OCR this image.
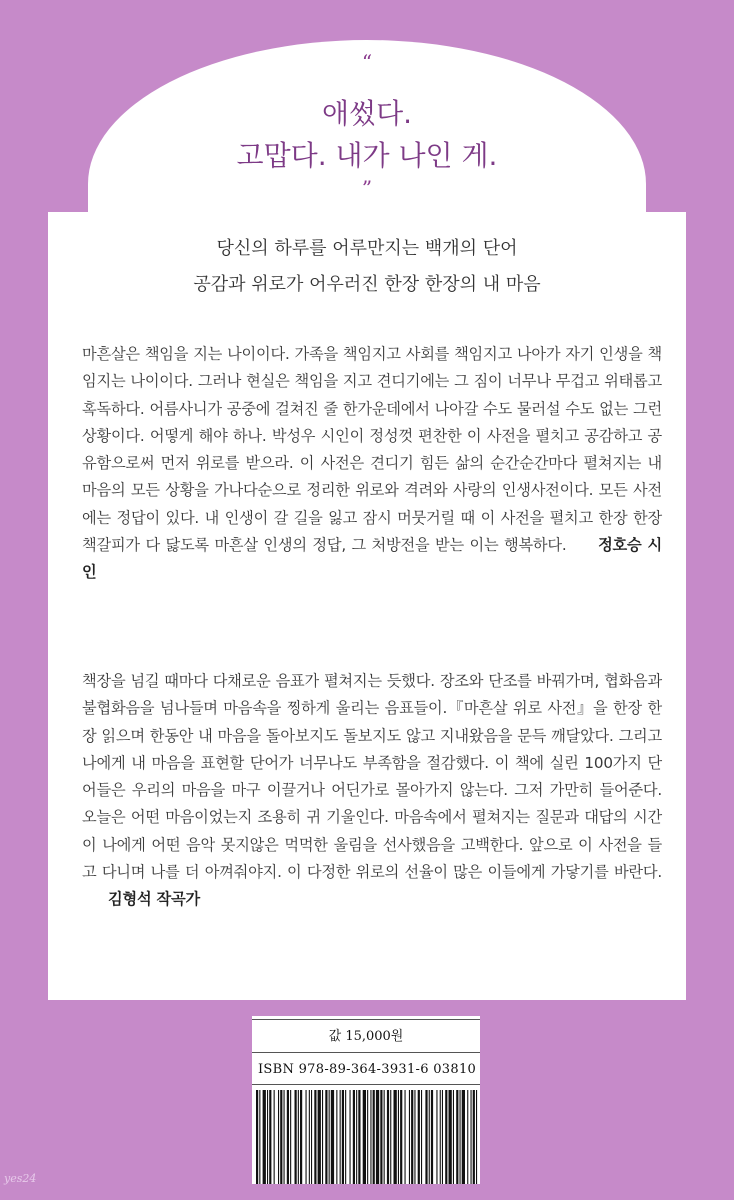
“
애썼다.
고맙다. 내가 나인 게.
”
당신의 하루를 어루만지는 백개의 단어
공감과 위로가 어우러진 한장 한장의 내 마음
마흔살은 책임을 지는 나이이다. 가족을 책임지고 사회를 책임지고 나아가 자기 인생을 책임지는 나이이다. 그러나 현실은 책임을 지고 견디기에는 그 짐이 너무나 무겁고 위태롭고 혹독하다. 어름사니가 공중에 걸쳐진 줄 한가운데에서 나아갈 수도 물러설 수도 없는 그런 상황이다. 어떻게 해야 하나. 박성우 시인이 정성껏 편찬한 이 사전을 펼치고 공감하고 공유함으로써 먼저 위로를 받으라. 이 사전은 견디기 힘든 삶의 순간순간마다 펼쳐지는 내 마음의 모든 상황을 가나다순으로 정리한 위로와 격려와 사랑의 인생사전이다. 모든 사전에는 정답이 있다. 내 인생이 갈 길을 잃고 잠시 머뭇거릴 때 이 사전을 펼치고 한장 한장 책갈피가 다 닳도록 마흔살 인생의 정답, 그 처방전을 받는 이는 행복하다. 정호승 시인
책장을 넘길 때마다 다채로운 음표가 펼쳐지는 듯했다. 장조와 단조를 바꿔가며, 협화음과 불협화음을 넘나들며 마음속을 찡하게 울리는 음표들이.『마흔살 위로 사전』을 한장 한장 읽으며 한동안 내 마음을 돌아보지도 돌보지도 않고 지내왔음을 문득 깨달았다. 그리고 나에게 내 마음을 표현할 단어가 너무나도 부족함을 절감했다. 이 책에 실린 100가지 단어들은 우리의 마음을 마구 이끌거나 어딘가로 몰아가지 않는다. 그저 가만히 들어준다. 오늘은 어떤 마음이었는지 조용히 귀 기울인다. 마음속에서 펼쳐지는 질문과 대답의 시간이 나에게 어떤 음악 못지않은 먹먹한 울림을 선사했음을 고백한다. 앞으로 이 사전을 들고 다니며 나를 더 아껴줘야지. 이 다정한 위로의 선율이 많은 이들에게 가닿기를 바란다. 김형석 작곡가
값 15,000원
ISBN 978-89-364-3931-6 03810
yes24
